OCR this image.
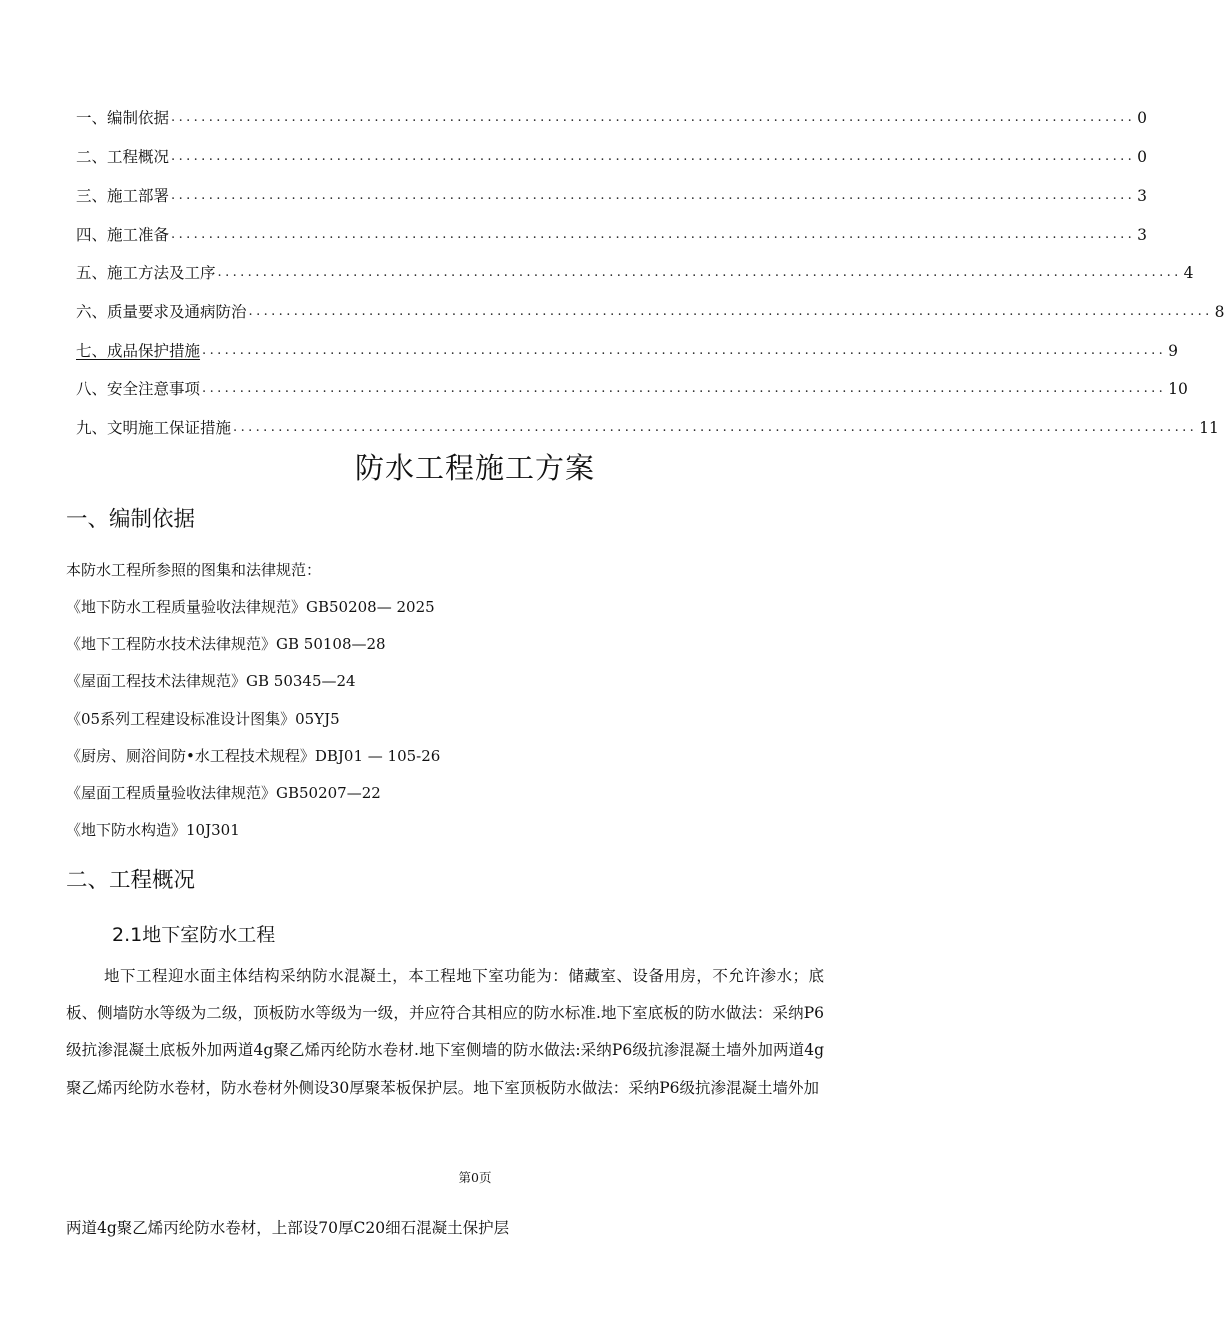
一、 编制依据 ................................................................................................................................ 0
二、 工程概况 ................................................................................................................................ 0
三、 施工部署 ................................................................................................................................ 3
四、 施工准备 ................................................................................................................................ 3
五、 施工方法及工序 ................................................................................................................................ 4
六、 质量要求及通病防治 ................................................................................................................................ 8
七、 成品保护措施 ................................................................................................................................ 9
八、 安全注意事项 ................................................................................................................................ 10
九、 文明施工保证措施 ................................................................................................................................ 11
防水工程施工方案
一、编制依据
本防水工程所参照的图集和法律规范：
《地下防水工程质量验收法律规范》GB50208— 2025
《地下工程防水技术法律规范》GB 50108—28
《屋面工程技术法律规范》GB 50345—24
《05系列工程建设标准设计图集》05YJ5
《厨房、厕浴间防•水工程技术规程》DBJ01 — 105-26
《屋面工程质量验收法律规范》GB50207—22
《地下防水构造》10J301
二、工程概况
2.1地下室防水工程
地下工程迎水面主体结构采纳防水混凝土，本工程地下室功能为：储藏室、设备用房，不允许渗水；底板、侧墙防水等级为二级，顶板防水等级为一级，并应符合其相应的防水标准.地下室底板的防水做法：采纳P6级抗渗混凝土底板外加两道4g聚乙烯丙纶防水卷材.地下室侧墙的防水做法:采纳P6级抗渗混凝土墙外加两道4g聚乙烯丙纶防水卷材，防水卷材外侧设30厚聚苯板保护层。地下室顶板防水做法：采纳P6级抗渗混凝土墙外加
第0页
两道4g聚乙烯丙纶防水卷材，上部设70厚C20细石混凝土保护层
